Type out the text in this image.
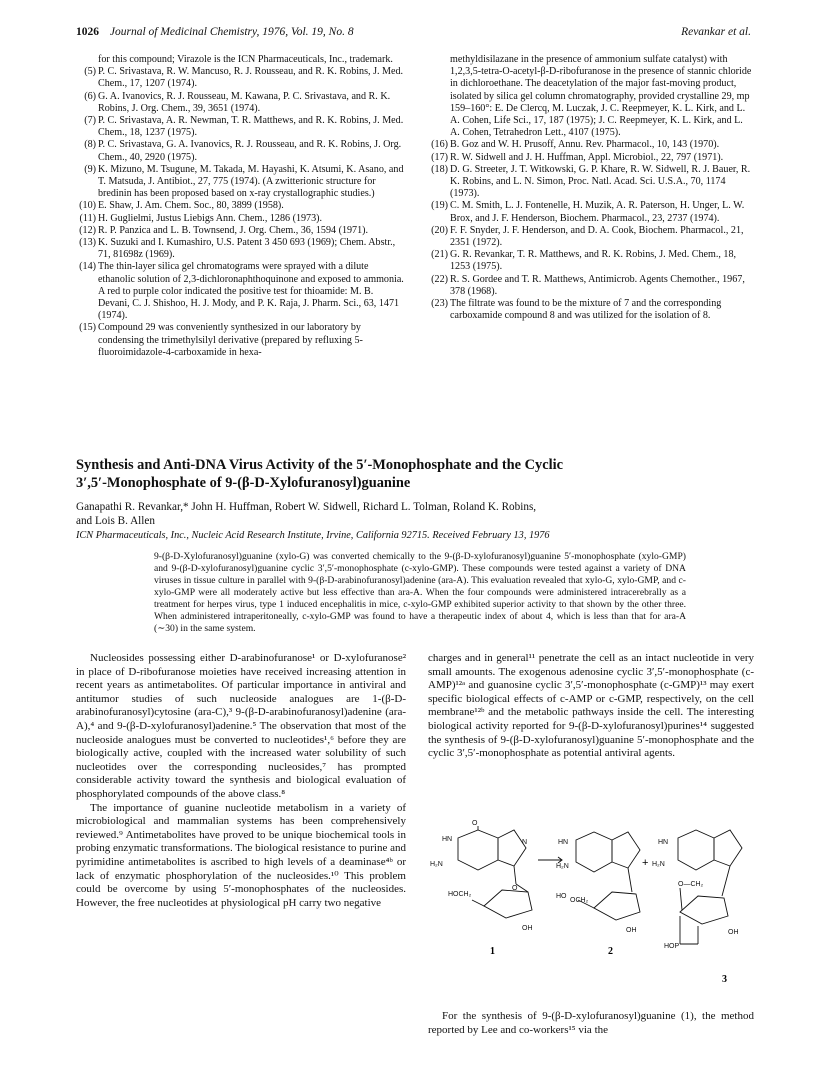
1026 Journal of Medicinal Chemistry, 1976, Vol. 19, No. 8	Revankar et al.

for this compound; Virazole is the ICN Pharmaceuticals, Inc., trademark.

(5) P. C. Srivastava, R. W. Mancuso, R. J. Rousseau, and R. K. Robins, J. Med. Chem., 17, 1207 (1974).

(6) G. A. Ivanovics, R. J. Rousseau, M. Kawana, P. C. Srivastava, and R. K. Robins, J. Org. Chem., 39, 3651 (1974).

(7) P. C. Srivastava, A. R. Newman, T. R. Matthews, and R. K. Robins, J. Med. Chem., 18, 1237 (1975).

(8) P. C. Srivastava, G. A. Ivanovics, R. J. Rousseau, and R. K. Robins, J. Org. Chem., 40, 2920 (1975).

(9) K. Mizuno, M. Tsugune, M. Takada, M. Hayashi, K. Atsumi, K. Asano, and T. Matsuda, J. Antibiot., 27, 775 (1974). (A zwitterionic structure for bredinin has been proposed based on x-ray crystallographic studies.)

(10) E. Shaw, J. Am. Chem. Soc., 80, 3899 (1958).

(11) H. Guglielmi, Justus Liebigs Ann. Chem., 1286 (1973).

(12) R. P. Panzica and L. B. Townsend, J. Org. Chem., 36, 1594 (1971).

(13) K. Suzuki and I. Kumashiro, U.S. Patent 3 450 693 (1969); Chem. Abstr., 71, 81698z (1969).

(14) The thin-layer silica gel chromatograms were sprayed with a dilute ethanolic solution of 2,3-dichloronaphthoquinone and exposed to ammonia. A red to purple color indicated the positive test for thioamide: M. B. Devani, C. J. Shishoo, H. J. Mody, and P. K. Raja, J. Pharm. Sci., 63, 1471 (1974).

(15) Compound 29 was conveniently synthesized in our laboratory by condensing the trimethylsilyl derivative (prepared by refluxing 5-fluoroimidazole-4-carboxamide in hexa-

methyldisilazane in the presence of ammonium sulfate catalyst) with 1,2,3,5-tetra-O-acetyl-β-D-ribofuranose in the presence of stannic chloride in dichloroethane. The deacetylation of the major fast-moving product, isolated by silica gel column chromatography, provided crystalline 29, mp 159–160°: E. De Clercq, M. Luczak, J. C. Reepmeyer, K. L. Kirk, and L. A. Cohen, Life Sci., 17, 187 (1975); J. C. Reepmeyer, K. L. Kirk, and L. A. Cohen, Tetrahedron Lett., 4107 (1975).

(16) B. Goz and W. H. Prusoff, Annu. Rev. Pharmacol., 10, 143 (1970).

(17) R. W. Sidwell and J. H. Huffman, Appl. Microbiol., 22, 797 (1971).

(18) D. G. Streeter, J. T. Witkowski, G. P. Khare, R. W. Sidwell, R. J. Bauer, R. K. Robins, and L. N. Simon, Proc. Natl. Acad. Sci. U.S.A., 70, 1174 (1973).

(19) C. M. Smith, L. J. Fontenelle, H. Muzik, A. R. Paterson, H. Unger, L. W. Brox, and J. F. Henderson, Biochem. Pharmacol., 23, 2737 (1974).

(20) F. F. Snyder, J. F. Henderson, and D. A. Cook, Biochem. Pharmacol., 21, 2351 (1972).

(21) G. R. Revankar, T. R. Matthews, and R. K. Robins, J. Med. Chem., 18, 1253 (1975).

(22) R. S. Gordee and T. R. Matthews, Antimicrob. Agents Chemother., 1967, 378 (1968).

(23) The filtrate was found to be the mixture of 7 and the corresponding carboxamide compound 8 and was utilized for the isolation of 8.

Synthesis and Anti-DNA Virus Activity of the 5′-Monophosphate and the Cyclic
3′,5′-Monophosphate of 9-(β-D-Xylofuranosyl)guanine
Ganapathi R. Revankar,* John H. Huffman, Robert W. Sidwell, Richard L. Tolman, Roland K. Robins,
and Lois B. Allen
ICN Pharmaceuticals, Inc., Nucleic Acid Research Institute, Irvine, California 92715. Received February 13, 1976
9-(β-D-Xylofuranosyl)guanine (xylo-G) was converted chemically to the 9-(β-D-xylofuranosyl)guanine 5′-monophosphate (xylo-GMP) and 9-(β-D-xylofuranosyl)guanine cyclic 3′,5′-monophosphate (c-xylo-GMP). These compounds were tested against a variety of DNA viruses in tissue culture in parallel with 9-(β-D-arabinofuranosyl)adenine (ara-A). This evaluation revealed that xylo-G, xylo-GMP, and c-xylo-GMP were all moderately active but less effective than ara-A. When the four compounds were administered intracerebrally as a treatment for herpes virus, type 1 induced encephalitis in mice, c-xylo-GMP exhibited superior activity to that shown by the other three. When administered intraperitoneally, c-xylo-GMP was found to have a therapeutic index of about 4, which is less than that for ara-A (∼30) in the same system.

Nucleosides possessing either D-arabinofuranose¹ or D-xylofuranose² in place of D-ribofuranose moieties have received increasing attention in recent years as antimetabolites. Of particular importance in antiviral and antitumor studies of such nucleoside analogues are 1-(β-D-arabinofuranosyl)cytosine (ara-C),³ 9-(β-D-arabinofuranosyl)adenine (ara-A),⁴ and 9-(β-D-xylofuranosyl)adenine.⁵ The observation that most of the nucleoside analogues must be converted to nucleotides¹,⁶ before they are biologically active, coupled with the increased water solubility of such nucleotides over the corresponding nucleosides,⁷ has prompted considerable activity toward the synthesis and biological evaluation of phosphorylated compounds of the above class.⁸

The importance of guanine nucleotide metabolism in a variety of microbiological and mammalian systems has been comprehensively reviewed.⁹ Antimetabolites have proved to be unique biochemical tools in probing enzymatic transformations. The biological resistance to purine and pyrimidine antimetabolites is ascribed to high levels of a deaminase⁴ᵇ or lack of enzymatic phosphorylation of the nucleosides.¹⁰ This problem could be overcome by using 5′-monophosphates of the nucleosides. However, the free nucleotides at physiological pH carry two negative

charges and in general¹¹ penetrate the cell as an intact nucleotide in very small amounts. The exogenous adenosine cyclic 3′,5′-monophosphate (c-AMP)¹²ᵃ and guanosine cyclic 3′,5′-monophosphate (c-GMP)¹³ may exert specific biological effects of c-AMP or c-GMP, respectively, on the cell membrane¹²ᵇ and the metabolic pathways inside the cell. The interesting biological activity reported for 9-(β-D-xylofuranosyl)purines¹⁴ suggested the synthesis of 9-(β-D-xylofuranosyl)guanine 5′-monophosphate and the cyclic 3′,5′-monophosphate as potential antiviral agents.

HN
O
N
H₂N
HOCH₂
O
OH
HN
H₂N
HO
OCH₂
OH
HN
H₂N
O—CH₂
OH
HOP
+
1	2
3

For the synthesis of 9-(β-D-xylofuranosyl)guanine (1), the method reported by Lee and co-workers¹⁵ via the
